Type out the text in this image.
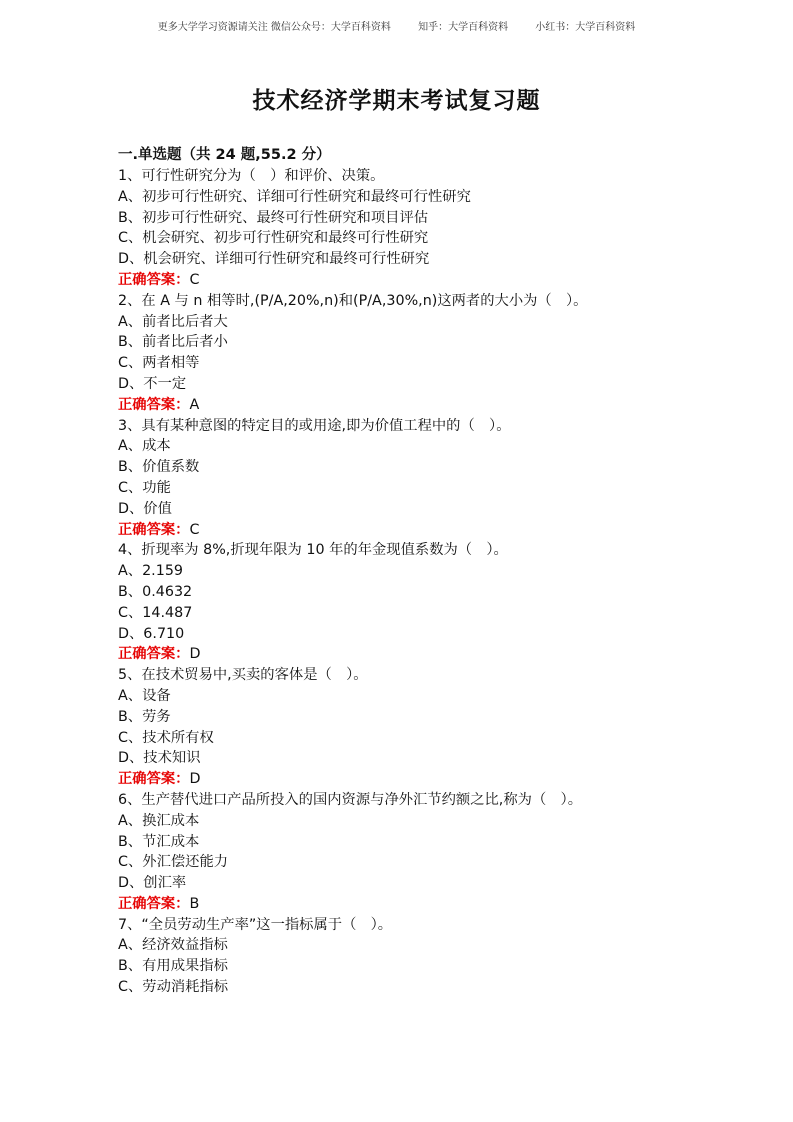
更多大学学习资源请关注 微信公众号：大学百科资料	知乎：大学百科资料	小红书：大学百科资料
技术经济学期末考试复习题
一.单选题（共 24 题,55.2 分）
1、可行性研究分为（　）和评价、决策。
A、初步可行性研究、详细可行性研究和最终可行性研究
B、初步可行性研究、最终可行性研究和项目评估
C、机会研究、初步可行性研究和最终可行性研究
D、机会研究、详细可行性研究和最终可行性研究
正确答案：C
2、在 A 与 n 相等时,(P/A,20%,n)和(P/A,30%,n)这两者的大小为（　）。
A、前者比后者大
B、前者比后者小
C、两者相等
D、不一定
正确答案：A
3、具有某种意图的特定目的或用途,即为价值工程中的（　）。
A、成本
B、价值系数
C、功能
D、价值
正确答案：C
4、折现率为 8%,折现年限为 10 年的年金现值系数为（　）。
A、2.159
B、0.4632
C、14.487
D、6.710
正确答案：D
5、在技术贸易中,买卖的客体是（　）。
A、设备
B、劳务
C、技术所有权
D、技术知识
正确答案：D
6、生产替代进口产品所投入的国内资源与净外汇节约额之比,称为（　）。
A、换汇成本
B、节汇成本
C、外汇偿还能力
D、创汇率
正确答案：B
7、“全员劳动生产率”这一指标属于（　）。
A、经济效益指标
B、有用成果指标
C、劳动消耗指标
